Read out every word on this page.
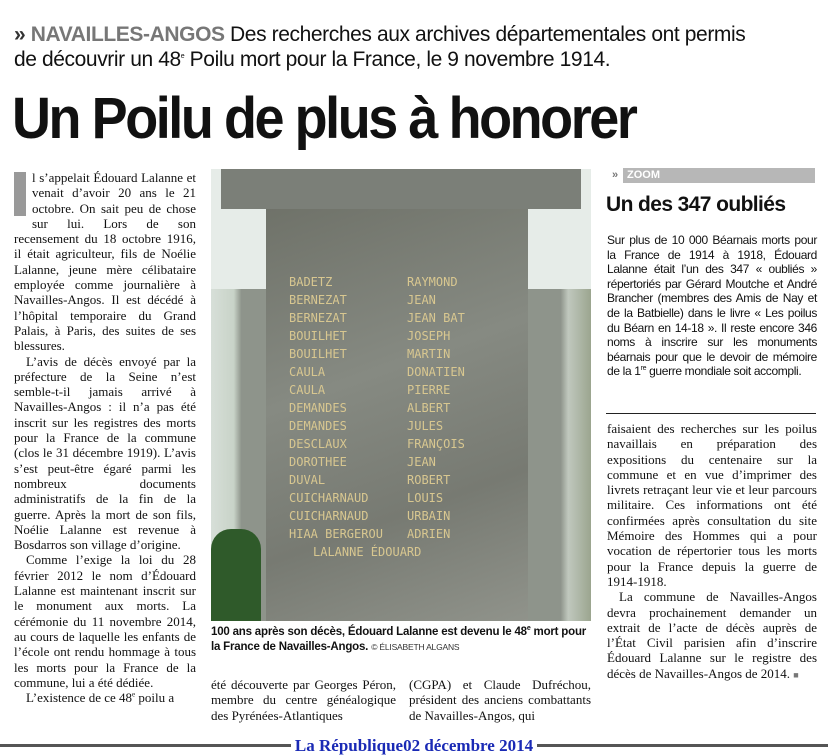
» NAVAILLES-ANGOS Des recherches aux archives départementales ont permis
de découvrir un 48e Poilu mort pour la France, le 9 novembre 1914.
Un Poilu de plus à honorer

l s’appelait Édouard Lalanne et venait d’avoir 20 ans le 21 octobre. On sait peu de chose sur lui. Lors de son recensement du 18 octobre 1916, il était agriculteur, fils de Noélie Lalanne, jeune mère célibataire employée comme journalière à Navailles-Angos. Il est décédé à l’hôpital temporaire du Grand Palais, à Paris, des suites de ses blessures.

L’avis de décès envoyé par la préfecture de la Seine n’est semble-t-il jamais arrivé à Navailles-Angos : il n’a pas été inscrit sur les registres des morts pour la France de la commune (clos le 31 décembre 1919). L’avis s’est peut-être égaré parmi les nombreux documents administratifs de la fin de la guerre. Après la mort de son fils, Noélie Lalanne est revenue à Bosdarros son village d’origine.

Comme l’exige la loi du 28 février 2012 le nom d’Édouard Lalanne est maintenant inscrit sur le monument aux morts. La cérémonie du 11 novembre 2014, au cours de laquelle les enfants de l’école ont rendu hommage à tous les morts pour la France de la commune, lui a été dédiée.

L’existence de ce 48e poilu a

BADETZ	RAYMOND
BERNEZAT	JEAN
BERNEZAT	JEAN BAT
BOUILHET	JOSEPH
BOUILHET	MARTIN
CAULA	DONATIEN
CAULA	PIERRE
DEMANDES	ALBERT
DEMANDES	JULES
DESCLAUX	FRANÇOIS
DOROTHEE	JEAN
DUVAL	ROBERT
CUICHARNAUD	LOUIS
CUICHARNAUD	URBAIN
HIAA BERGEROU	ADRIEN
LALANNE ÉDOUARD
100 ans après son décès, Édouard Lalanne est devenu le 48e mort pour la France de Navailles-Angos. © ÉLISABETH ALGANS

été découverte par Georges Péron, membre du centre généalogique des Pyrénées-Atlantiques

(CGPA) et Claude Dufréchou, président des anciens combattants de Navailles-Angos, qui

» ZOOM
Un des 347 oubliés
Sur plus de 10 000 Béarnais morts pour la France de 1914 à 1918, Édouard Lalanne était l’un des 347 « oubliés » répertoriés par Gérard Moutche et André Brancher (membres des Amis de Nay et de la Batbielle) dans le livre « Les poilus du Béarn en 14-18 ». Il reste encore 346 noms à inscrire sur les monuments béarnais pour que le devoir de mémoire de la 1re guerre mondiale soit accompli.

faisaient des recherches sur les poilus navaillais en préparation des expositions du centenaire sur la commune et en vue d’imprimer des livrets retraçant leur vie et leur parcours militaire. Ces informations ont été confirmées après consultation du site Mémoire des Hommes qui a pour vocation de répertorier tous les morts pour la France depuis la guerre de 1914-1918.

La commune de Navailles-Angos devra prochainement demander un extrait de l’acte de décès auprès de l’État Civil parisien afin d’inscrire Édouard Lalanne sur le registre des décès de Navailles-Angos de 2014. ■

La République02 décembre 2014
